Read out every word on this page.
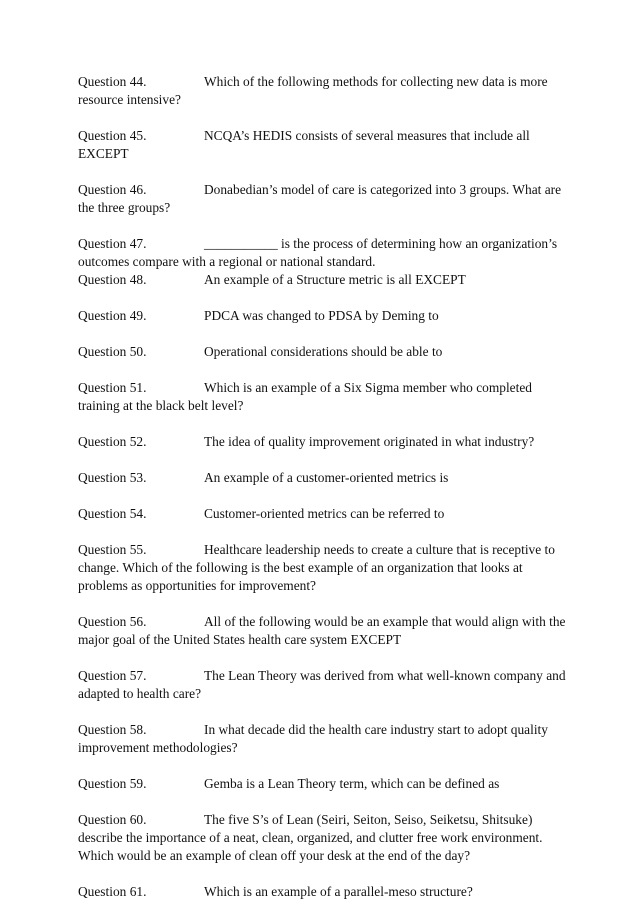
Question 44.	Which of the following methods for collecting new data is more resource intensive?

Question 45.	NCQA’s HEDIS consists of several measures that include all EXCEPT

Question 46.	Donabedian’s model of care is categorized into 3 groups. What are the three groups?

Question 47.	___________ is the process of determining how an organization’s outcomes compare with a regional or national standard.

Question 48.	An example of a Structure metric is all EXCEPT

Question 49.	PDCA was changed to PDSA by Deming to

Question 50.	Operational considerations should be able to

Question 51.	Which is an example of a Six Sigma member who completed training at the black belt level?

Question 52.	The idea of quality improvement originated in what industry?

Question 53.	An example of a customer-oriented metrics is

Question 54.	Customer-oriented metrics can be referred to

Question 55.	Healthcare leadership needs to create a culture that is receptive to change. Which of the following is the best example of an organization that looks at problems as opportunities for improvement?

Question 56.	All of the following would be an example that would align with the major goal of the United States health care system EXCEPT

Question 57.	The Lean Theory was derived from what well-known company and adapted to health care?

Question 58.	In what decade did the health care industry start to adopt quality improvement methodologies?

Question 59.	Gemba is a Lean Theory term, which can be defined as

Question 60.	The five S’s of Lean (Seiri, Seiton, Seiso, Seiketsu, Shitsuke) describe the importance of a neat, clean, organized, and clutter free work environment. Which would be an example of clean off your desk at the end of the day?

Question 61.	Which is an example of a parallel-meso structure?
